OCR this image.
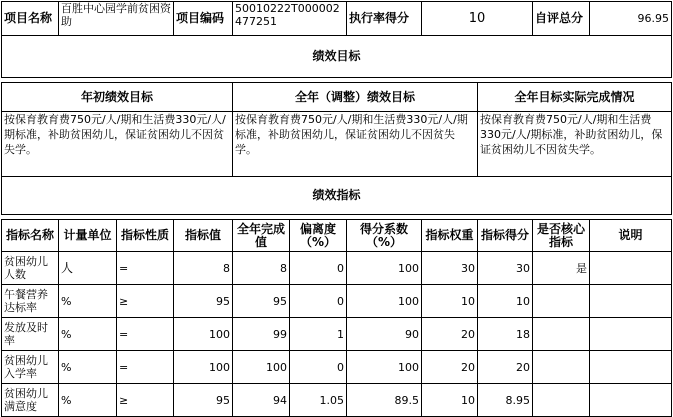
项目名称	百胜中心园学前贫困资助		项目编码	50010222T000002477251		执行率得分	10		自评总分	96.95
绩效目标										

年初绩效目标				全年（调整）绩效目标				全年目标实际完成情况		
按保育教育费750元/人/期和生活费330元/人/期标准，补助贫困幼儿，保证贫困幼儿不因贫失学。				按保育教育费750元/人/期和生活费330元/人/期标准，补助贫困幼儿，保证贫困幼儿不因贫失学。				按保育教育费750元/人/期和生活费330元/人/期标准，补助贫困幼儿，保证贫困幼儿不因贫失学。		
绩效指标										

指标名称	计量单位	指标性质	指标值	全年完成值	偏离度（%）	得分系数（%）	指标权重	指标得分	是否核心指标	说明
贫困幼儿人数	人	=	8	8	0	100	30	30	是	
午餐营养达标率	%	≥	95	95	0	100	10	10		
发放及时率	%	=	100	99	1	90	20	18		
贫困幼儿入学率	%	=	100	100	0	100	20	20		
贫困幼儿满意度	%	≥	95	94	1.05	89.5	10	8.95		
